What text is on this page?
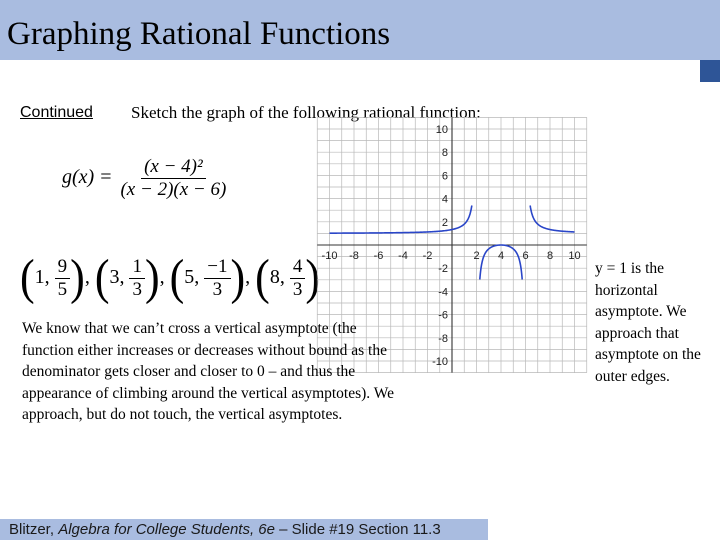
Graphing Rational Functions
Continued Sketch the graph of the following rational function:
$g(x) = \frac{\text{(x − 4)²}}{(x - 2)(x - 6)}$
(1, $\frac{9}{5}$ ), (3, $\frac{1}{3}$ ), (5, $\frac{-1}{3}$ ), (8, $\frac{4}{3}$ ) -10 -8 -6 -4 -2	2 4 6 8 10
10
8
6
4
2
-2
-4
-6
-8
-10
We know that we can’t cross a vertical asymptote (the function either increases or decreases without bound as the denominator gets closer and closer to 0 – and thus the appearance of climbing around the vertical asymptotes). We approach, but do not touch, the vertical asymptotes.
y = 1 is the horizontal asymptote. We approach that asymptote on the outer edges.
Blitzer, Algebra for College Students, 6e – Slide #19 Section 11.3
